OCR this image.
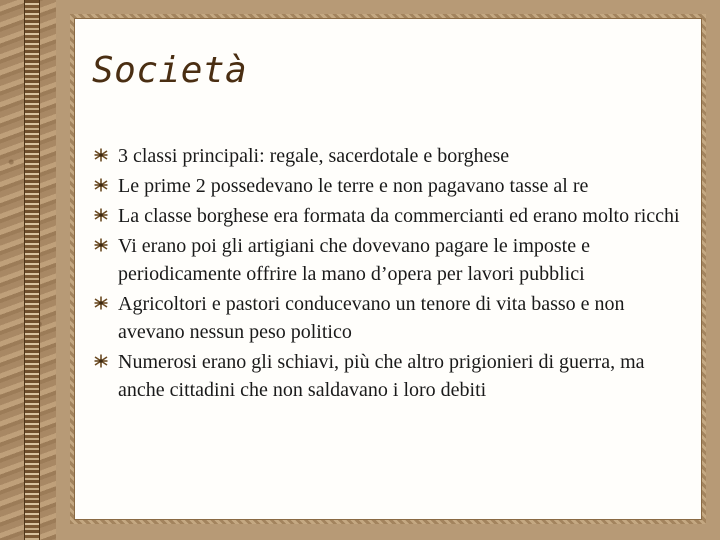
Società
3 classi principali: regale, sacerdotale e borghese
Le prime 2 possedevano le terre e non pagavano tasse al re
La classe borghese era formata da commercianti ed erano molto ricchi
Vi erano poi gli artigiani che dovevano pagare le imposte e periodicamente offrire la mano d’opera per lavori pubblici
Agricoltori e pastori conducevano un tenore di vita basso e non avevano nessun peso politico
Numerosi erano gli schiavi, più che altro prigionieri di guerra, ma anche cittadini che non saldavano i loro debiti
